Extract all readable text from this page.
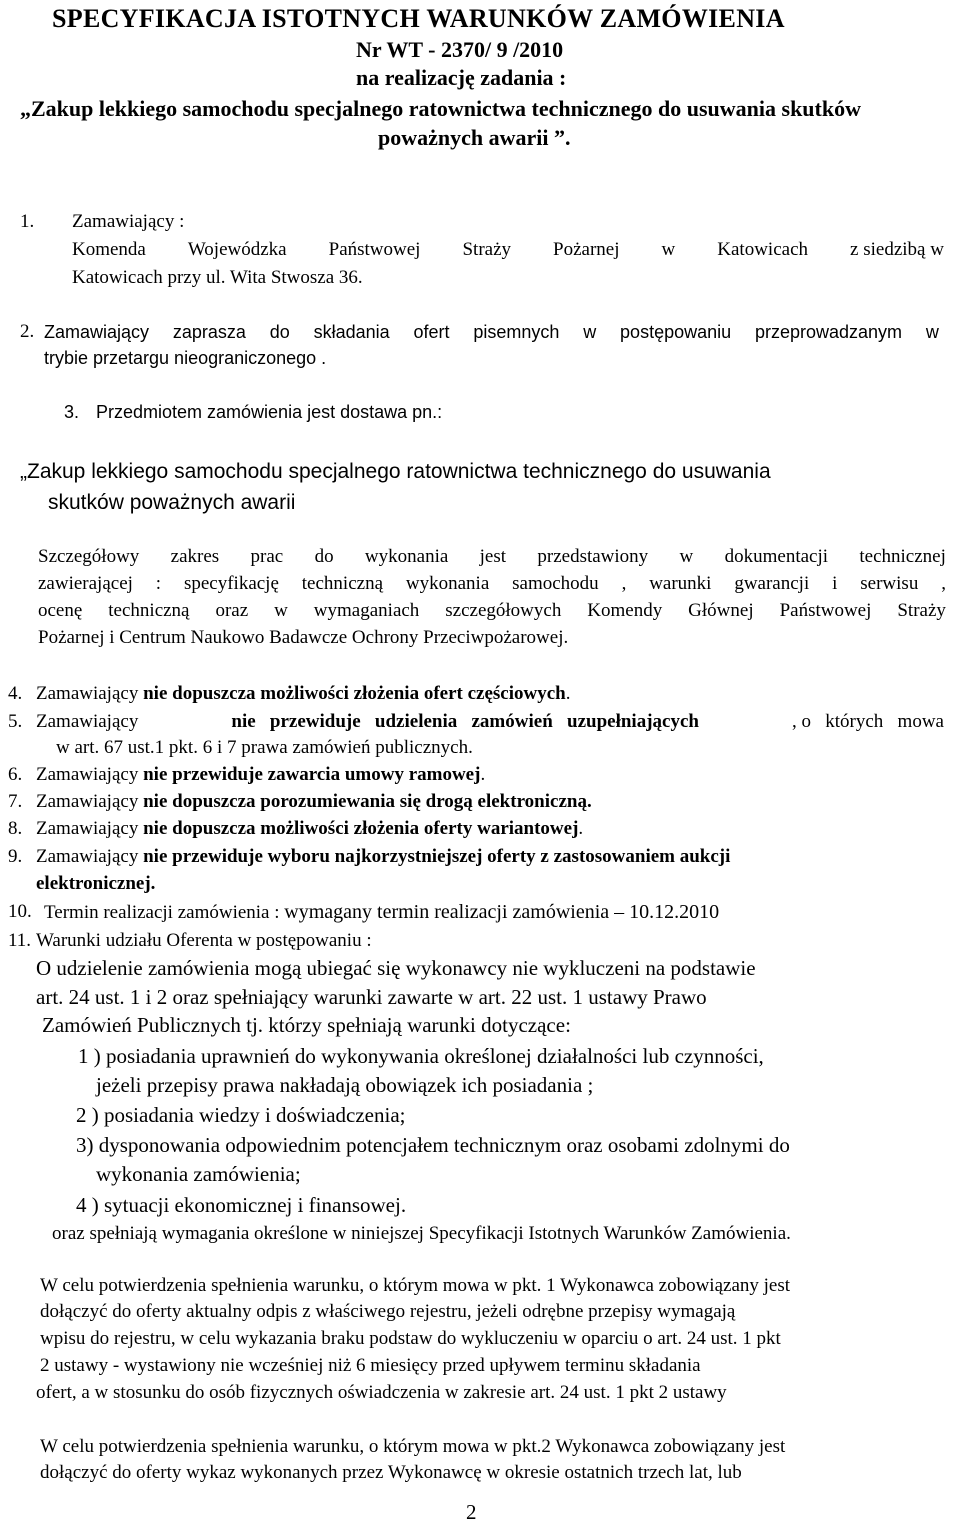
SPECYFIKACJA ISTOTNYCH WARUNKÓW ZAMÓWIENIA
Nr WT - 2370/ 9 /2010
na realizację zadania :
„Zakup lekkiego samochodu specjalnego ratownictwa technicznego do usuwania skutków
poważnych awarii ”.
1. Zamawiający :
Komenda Wojewódzka Państwowej Straży Pożarnej w Katowicach z siedzibą w
Katowicach przy ul. Wita Stwosza 36.
2. Zamawiający zaprasza do składania ofert pisemnych w postępowaniu przeprowadzanym w
trybie przetargu nieograniczonego .
3. Przedmiotem zamówienia jest dostawa pn.:
„Zakup lekkiego samochodu specjalnego ratownictwa technicznego do usuwania
skutków poważnych awarii
Szczegółowy zakres prac do wykonania jest przedstawiony w dokumentacji technicznej
zawierającej : specyfikację techniczną wykonania samochodu , warunki gwarancji i serwisu ,
ocenę techniczną oraz w wymaganiach szczegółowych Komendy Głównej Państwowej Straży
Pożarnej i Centrum Naukowo Badawcze Ochrony Przeciwpożarowej.
4. Zamawiający nie dopuszcza możliwości złożenia ofert częściowych.
5. Zamawiający	nie   przewiduje   udzielenia   zamówień   uzupełniających	, o   których   mowa
w art. 67 ust.1 pkt. 6 i 7 prawa zamówień publicznych.
6. Zamawiający nie przewiduje zawarcia umowy ramowej.
7. Zamawiający nie dopuszcza porozumiewania się drogą elektroniczną.
8. Zamawiający nie dopuszcza możliwości złożenia oferty wariantowej.
9. Zamawiający nie przewiduje wyboru najkorzystniejszej oferty z zastosowaniem aukcji
elektronicznej.
10. Termin realizacji zamówienia : wymagany termin realizacji zamówienia – 10.12.2010
11. Warunki udziału Oferenta w postępowaniu :
O udzielenie zamówienia mogą ubiegać się wykonawcy nie wykluczeni na podstawie
art. 24 ust. 1 i 2 oraz spełniający warunki zawarte w art. 22 ust. 1 ustawy Prawo
Zamówień Publicznych tj. którzy spełniają warunki dotyczące:
1 ) posiadania uprawnień do wykonywania określonej działalności lub czynności,
jeżeli przepisy prawa nakładają obowiązek ich posiadania ;
2 ) posiadania wiedzy i doświadczenia;
3) dysponowania odpowiednim potencjałem technicznym oraz osobami zdolnymi do
wykonania zamówienia;
4 ) sytuacji ekonomicznej i finansowej.
oraz spełniają wymagania określone w niniejszej Specyfikacji Istotnych Warunków Zamówienia.
W celu potwierdzenia spełnienia warunku, o którym mowa w pkt. 1 Wykonawca zobowiązany jest
dołączyć do oferty aktualny odpis z właściwego rejestru, jeżeli odrębne przepisy wymagają
wpisu do rejestru, w celu wykazania braku podstaw do wykluczeniu w oparciu o art. 24 ust. 1 pkt
2 ustawy - wystawiony nie wcześniej niż 6 miesięcy przed upływem terminu składania
ofert, a w stosunku do osób fizycznych oświadczenia w zakresie art. 24 ust. 1 pkt 2 ustawy
W celu potwierdzenia spełnienia warunku, o którym mowa w pkt.2 Wykonawca zobowiązany jest
dołączyć do oferty wykaz wykonanych przez Wykonawcę w okresie ostatnich trzech lat, lub
2
